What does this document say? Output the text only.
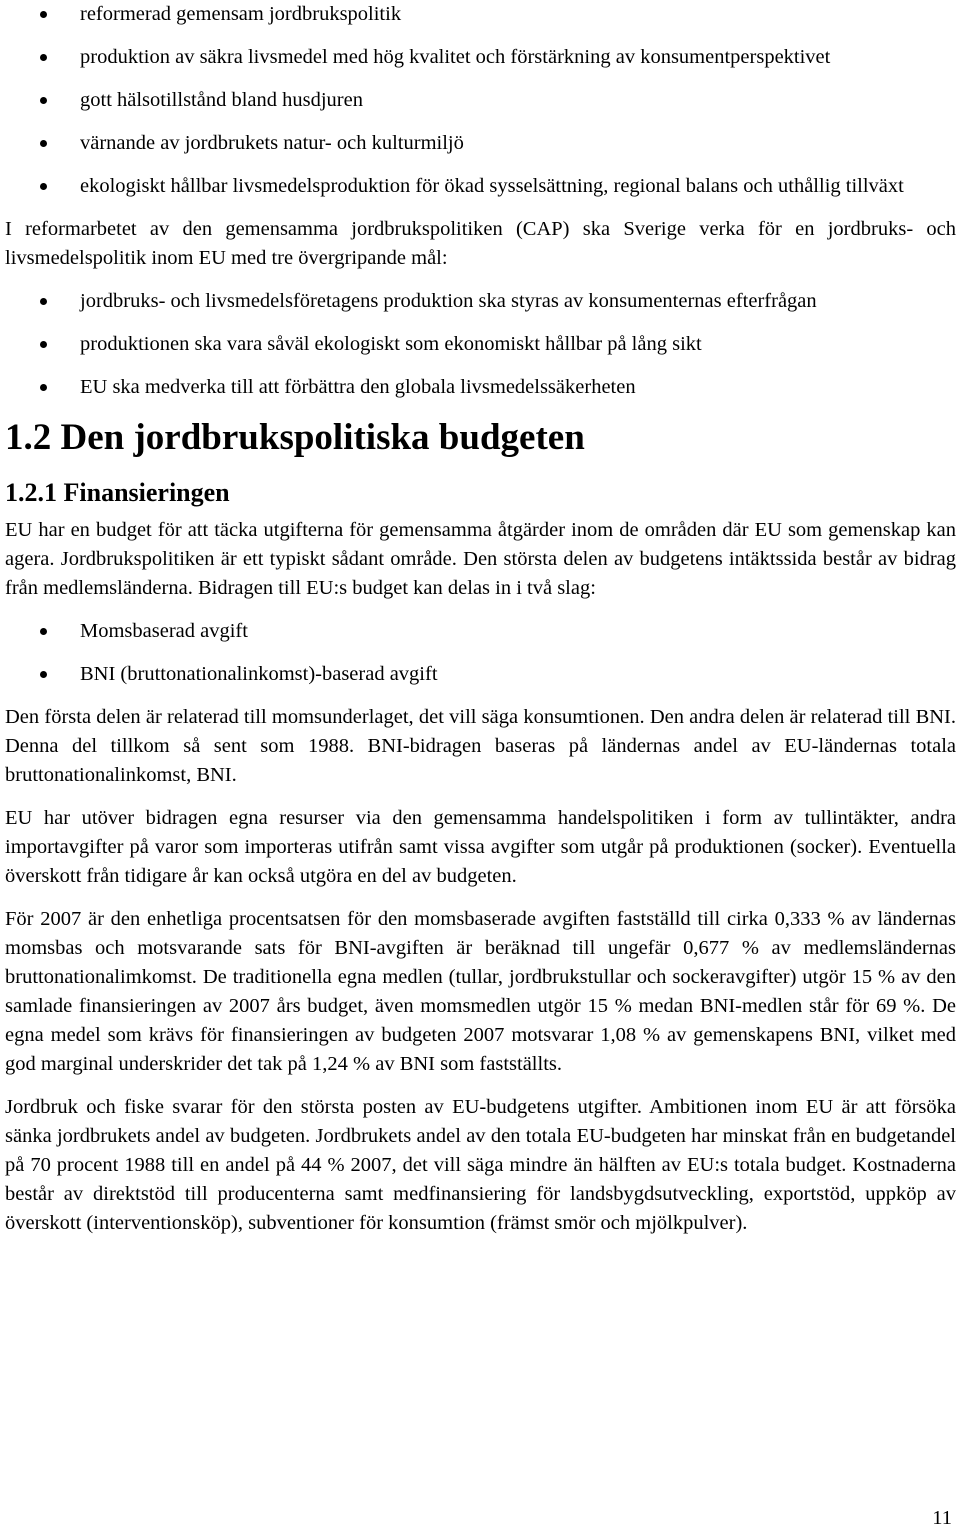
reformerad gemensam jordbrukspolitik
produktion av säkra livsmedel med hög kvalitet och förstärkning av konsumentperspektivet
gott hälsotillstånd bland husdjuren
värnande av jordbrukets natur- och kulturmiljö
ekologiskt hållbar livsmedelsproduktion för ökad sysselsättning, regional balans och uthållig tillväxt

I reformarbetet av den gemensamma jordbrukspolitiken (CAP) ska Sverige verka för en jordbruks- och livsmedelspolitik inom EU med tre övergripande mål:

jordbruks- och livsmedelsföretagens produktion ska styras av konsumenternas efterfrågan
produktionen ska vara såväl ekologiskt som ekonomiskt hållbar på lång sikt
EU ska medverka till att förbättra den globala livsmedelssäkerheten
1.2 Den jordbrukspolitiska budgeten
1.2.1 Finansieringen

EU har en budget för att täcka utgifterna för gemensamma åtgärder inom de områden där EU som gemenskap kan agera. Jordbrukspolitiken är ett typiskt sådant område. Den största delen av budgetens intäktssida består av bidrag från medlemsländerna. Bidragen till EU:s budget kan delas in i två slag:

Momsbaserad avgift
BNI (bruttonationalinkomst)-baserad avgift

Den första delen är relaterad till momsunderlaget, det vill säga konsumtionen. Den andra delen är relaterad till BNI. Denna del tillkom så sent som 1988. BNI-bidragen baseras på ländernas andel av EU-ländernas totala bruttonationalinkomst, BNI.

EU har utöver bidragen egna resurser via den gemensamma handelspolitiken i form av tullintäkter, andra importavgifter på varor som importeras utifrån samt vissa avgifter som utgår på produktionen (socker). Eventuella överskott från tidigare år kan också utgöra en del av budgeten.

För 2007 är den enhetliga procentsatsen för den momsbaserade avgiften fastställd till cirka 0,333 % av ländernas momsbas och motsvarande sats för BNI-avgiften är beräknad till ungefär 0,677 % av medlemsländernas bruttonationalimkomst. De traditionella egna medlen (tullar, jordbrukstullar och sockeravgifter) utgör 15 % av den samlade finansieringen av 2007 års budget, även momsmedlen utgör 15 % medan BNI-medlen står för 69 %. De egna medel som krävs för finansieringen av budgeten 2007 motsvarar 1,08 % av gemenskapens BNI, vilket med god marginal underskrider det tak på 1,24 % av BNI som fastställts.

Jordbruk och fiske svarar för den största posten av EU-budgetens utgifter. Ambitionen inom EU är att försöka sänka jordbrukets andel av budgeten. Jordbrukets andel av den totala EU-budgeten har minskat från en budgetandel på 70 procent 1988 till en andel på 44 % 2007, det vill säga mindre än hälften av EU:s totala budget. Kostnaderna består av direktstöd till producenterna samt medfinansiering för landsbygdsutveckling, exportstöd, uppköp av överskott (interventionsköp), subventioner för konsumtion (främst smör och mjölkpulver).

11
